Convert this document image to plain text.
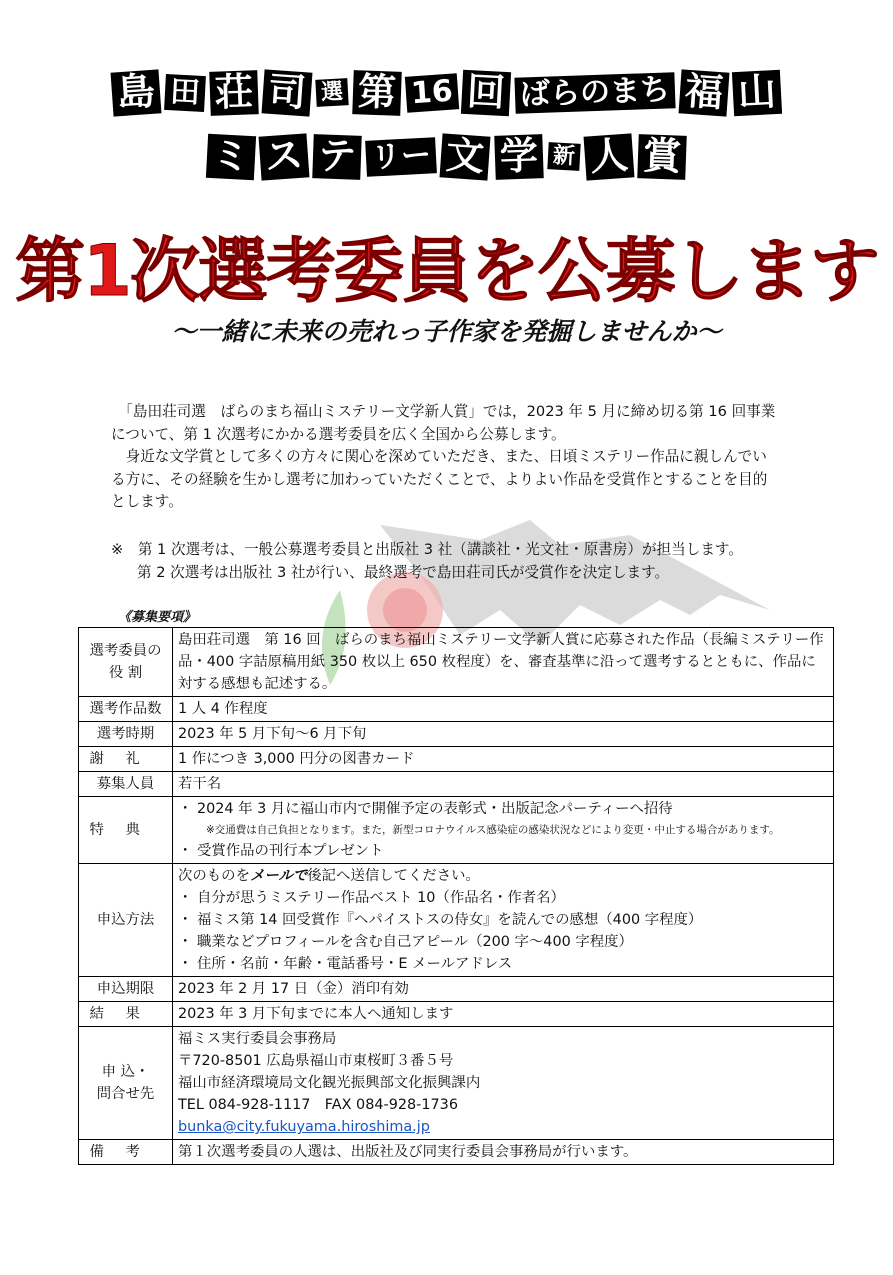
島 田 荘 司 選 第 16 回 ばらのまち 福 山
ミ ス テ リー 文 学 新 人 賞
第1次選考委員を公募します
～一緒に未来の売れっ子作家を発掘しませんか～

　「島田荘司選　ばらのまち福山ミステリー文学新人賞」では，2023 年 5 月に締め切る第 16 回事業について、第 1 次選考にかかる選考委員を広く全国から公募します。

　身近な文学賞として多くの方々に関心を深めていただき、また、日頃ミステリー作品に親しんでいる方に、その経験を生かし選考に加わっていただくことで、よりよい作品を受賞作とすることを目的とします。

※　第 1 次選考は、一般公募選考委員と出版社 3 社（講談社・光文社・原書房）が担当します。
第 2 次選考は出版社 3 社が行い、最終選考で島田荘司氏が受賞作を決定します。
《募集要項》
選考委員の 役 割	島田荘司選　第 16 回　ばらのまち福山ミステリー文学新人賞に応募された作品（長編ミステリー作品・400 字詰原稿用紙 350 枚以上 650 枚程度）を、審査基準に沿って選考するとともに、作品に対する感想も記述する。
選考作品数	1 人 4 作程度
選考時期	2023 年 5 月下旬～6 月下旬
謝礼	1 作につき 3,000 円分の図書カード
募集人員	若干名
特典	・ 2024 年 3 月に福山市内で開催予定の表彰式・出版記念パーティーへ招待
※交通費は自己負担となります。また，新型コロナウイルス感染症の感染状況などにより変更・中止する場合があります。
・ 受賞作品の刊行本プレゼント

申込方法	次のものをメールで後記へ送信してください。
・ 自分が思うミステリー作品ベスト 10（作品名・作者名）
・ 福ミス第 14 回受賞作『ヘパイストスの侍女』を読んでの感想（400 字程度）
・ 職業などプロフィールを含む自己アピール（200 字～400 字程度）
・ 住所・名前・年齢・電話番号・E メールアドレス

申込期限	2023 年 2 月 17 日（金）消印有効
結果	2023 年 3 月下旬までに本人へ通知します

申 込・
問合せ先	福ミス実行委員会事務局
〒720-8501 広島県福山市東桜町３番５号
福山市経済環境局文化観光振興部文化振興課内
TEL 084-928-1117　FAX 084-928-1736
bunka@city.fukuyama.hiroshima.jp

備考	第１次選考委員の人選は、出版社及び同実行委員会事務局が行います。
